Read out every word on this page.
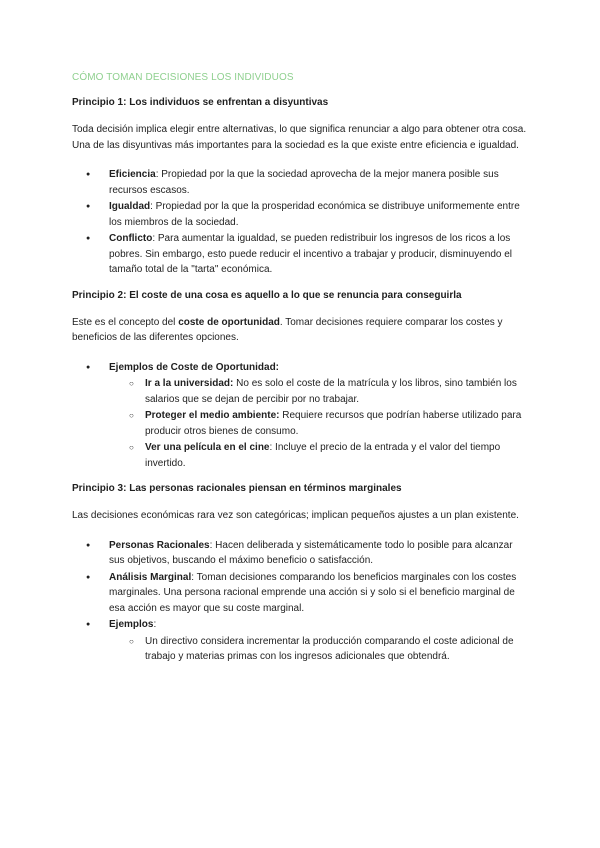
CÓMO TOMAN DECISIONES LOS INDIVIDUOS
Principio 1: Los individuos se enfrentan a disyuntivas

Toda decisión implica elegir entre alternativas, lo que significa renunciar a algo para obtener otra cosa. Una de las disyuntivas más importantes para la sociedad es la que existe entre eficiencia e igualdad.

● Eficiencia: Propiedad por la que la sociedad aprovecha de la mejor manera posible sus recursos escasos.
● Igualdad: Propiedad por la que la prosperidad económica se distribuye uniformemente entre los miembros de la sociedad.
● Conflicto: Para aumentar la igualdad, se pueden redistribuir los ingresos de los ricos a los pobres. Sin embargo, esto puede reducir el incentivo a trabajar y producir, disminuyendo el tamaño total de la "tarta" económica.
Principio 2: El coste de una cosa es aquello a lo que se renuncia para conseguirla

Este es el concepto del coste de oportunidad. Tomar decisiones requiere comparar los costes y beneficios de las diferentes opciones.

● Ejemplos de Coste de Oportunidad:
○ Ir a la universidad: No es solo el coste de la matrícula y los libros, sino también los salarios que se dejan de percibir por no trabajar.
○ Proteger el medio ambiente: Requiere recursos que podrían haberse utilizado para producir otros bienes de consumo.
○ Ver una película en el cine: Incluye el precio de la entrada y el valor del tiempo invertido.
Principio 3: Las personas racionales piensan en términos marginales

Las decisiones económicas rara vez son categóricas; implican pequeños ajustes a un plan existente.

● Personas Racionales: Hacen deliberada y sistemáticamente todo lo posible para alcanzar sus objetivos, buscando el máximo beneficio o satisfacción.
● Análisis Marginal: Toman decisiones comparando los beneficios marginales con los costes marginales. Una persona racional emprende una acción si y solo si el beneficio marginal de esa acción es mayor que su coste marginal.
● Ejemplos:
○ Un directivo considera incrementar la producción comparando el coste adicional de trabajo y materias primas con los ingresos adicionales que obtendrá.
